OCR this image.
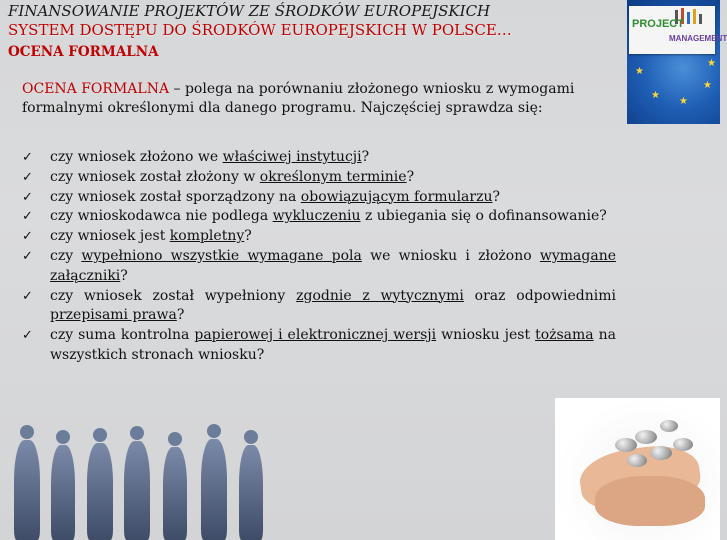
FINANSOWANIE PROJEKTÓW ZE ŚRODKÓW EUROPEJSKICH
SYSTEM DOSTĘPU DO ŚRODKÓW EUROPEJSKICH W POLSCE…
OCENA FORMALNA
★
★
★
★
★
PROJECT
MANAGEMENT

OCENA FORMALNA – polega na porównaniu złożonego wniosku z wymogami formalnymi określonymi dla danego programu. Najczęściej sprawdza się:

✓ czy wniosek złożono we właściwej instytucji?
✓ czy wniosek został złożony w określonym terminie?
✓ czy wniosek został sporządzony na obowiązującym formularzu?
✓ czy wnioskodawca nie podlega wykluczeniu z ubiegania się o dofinansowanie?
✓ czy wniosek jest kompletny?
✓ czy wypełniono wszystkie wymagane pola we wniosku i złożono wymagane załączniki?
✓ czy wniosek został wypełniony zgodnie z wytycznymi oraz odpowiednimi przepisami prawa?
✓ czy suma kontrolna papierowej i elektronicznej wersji wniosku jest tożsama na wszystkich stronach wniosku?
